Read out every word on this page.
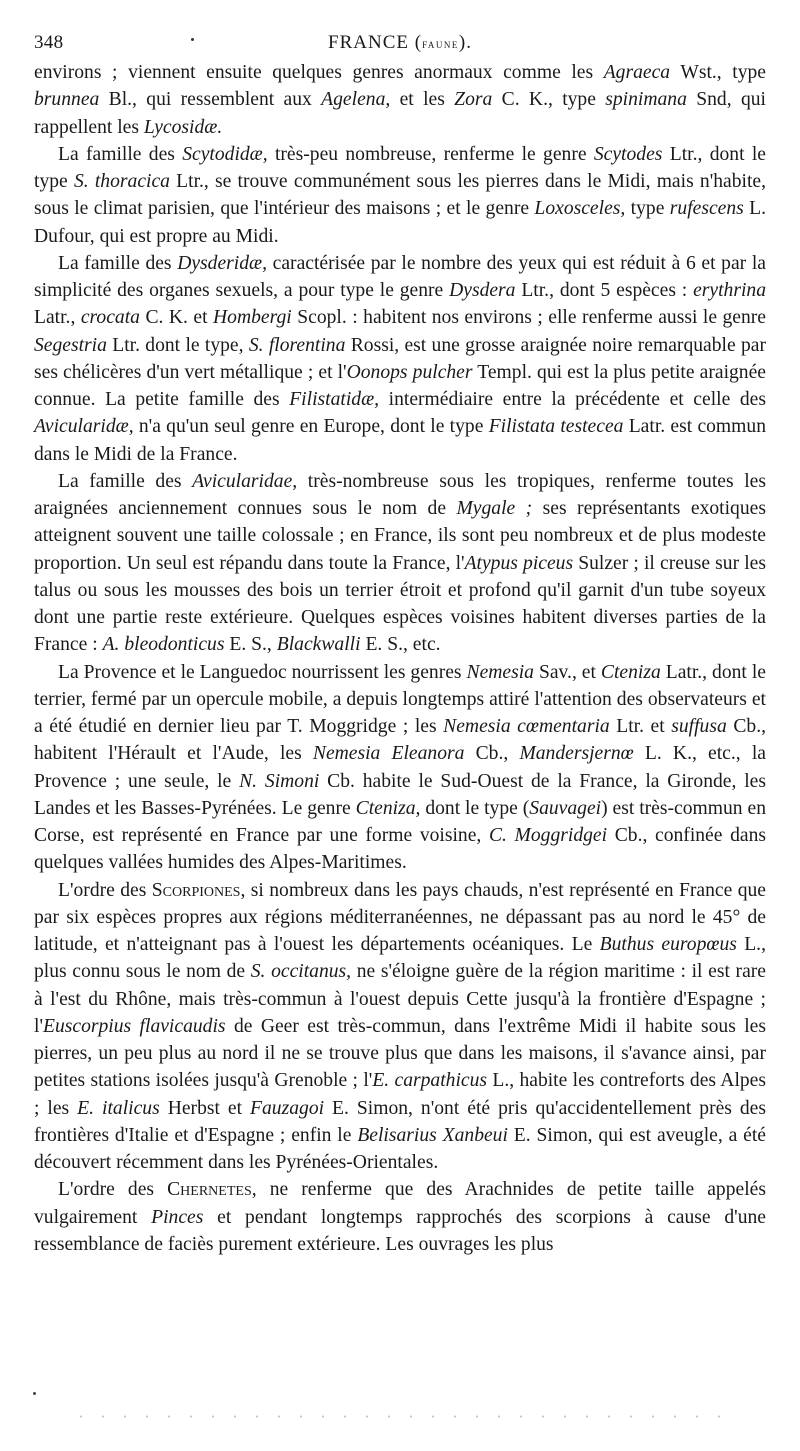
348	FRANCE (faune).

environs ; viennent ensuite quelques genres anormaux comme les Agraeca Wst., type brunnea Bl., qui ressemblent aux Agelena, et les Zora C. K., type spinimana Snd, qui rappellent les Lycosidæ.

La famille des Scytodidæ, très-peu nombreuse, renferme le genre Scytodes Ltr., dont le type S. thoracica Ltr., se trouve communément sous les pierres dans le Midi, mais n'habite, sous le climat parisien, que l'intérieur des maisons ; et le genre Loxosceles, type rufescens L. Dufour, qui est propre au Midi.

La famille des Dysderidæ, caractérisée par le nombre des yeux qui est réduit à 6 et par la simplicité des organes sexuels, a pour type le genre Dysdera Ltr., dont 5 espèces : erythrina Latr., crocata C. K. et Hombergi Scopl. : habitent nos environs ; elle renferme aussi le genre Segestria Ltr. dont le type, S. florentina Rossi, est une grosse araignée noire remarquable par ses chélicères d'un vert métallique ; et l'Oonops pulcher Templ. qui est la plus petite araignée connue. La petite famille des Filistatidæ, intermédiaire entre la précédente et celle des Avicularidæ, n'a qu'un seul genre en Europe, dont le type Filistata testecea Latr. est commun dans le Midi de la France.

La famille des Avicularidae, très-nombreuse sous les tropiques, renferme toutes les araignées anciennement connues sous le nom de Mygale ; ses représentants exotiques atteignent souvent une taille colossale ; en France, ils sont peu nombreux et de plus modeste proportion. Un seul est répandu dans toute la France, l'Atypus piceus Sulzer ; il creuse sur les talus ou sous les mousses des bois un terrier étroit et profond qu'il garnit d'un tube soyeux dont une partie reste extérieure. Quelques espèces voisines habitent diverses parties de la France : A. bleodonticus E. S., Blackwalli E. S., etc.

La Provence et le Languedoc nourrissent les genres Nemesia Sav., et Cteniza Latr., dont le terrier, fermé par un opercule mobile, a depuis longtemps attiré l'attention des observateurs et a été étudié en dernier lieu par T. Moggridge ; les Nemesia cœmentaria Ltr. et suffusa Cb., habitent l'Hérault et l'Aude, les Nemesia Eleanora Cb., Mandersjernœ L. K., etc., la Provence ; une seule, le N. Simoni Cb. habite le Sud-Ouest de la France, la Gironde, les Landes et les Basses-Pyrénées. Le genre Cteniza, dont le type (Sauvagei) est très-commun en Corse, est représenté en France par une forme voisine, C. Moggridgei Cb., confinée dans quelques vallées humides des Alpes-Maritimes.

L'ordre des Scorpiones, si nombreux dans les pays chauds, n'est représenté en France que par six espèces propres aux régions méditerranéennes, ne dépassant pas au nord le 45° de latitude, et n'atteignant pas à l'ouest les départements océaniques. Le Buthus europœus L., plus connu sous le nom de S. occitanus, ne s'éloigne guère de la région maritime : il est rare à l'est du Rhône, mais très-commun à l'ouest depuis Cette jusqu'à la frontière d'Espagne ; l'Euscorpius flavicaudis de Geer est très-commun, dans l'extrême Midi il habite sous les pierres, un peu plus au nord il ne se trouve plus que dans les maisons, il s'avance ainsi, par petites stations isolées jusqu'à Grenoble ; l'E. carpathicus L., habite les contreforts des Alpes ; les E. italicus Herbst et Fauzagoi E. Simon, n'ont été pris qu'accidentellement près des frontières d'Italie et d'Espagne ; enfin le Belisarius Xanbeui E. Simon, qui est aveugle, a été découvert récemment dans les Pyrénées-Orientales.

L'ordre des Chernetes, ne renferme que des Arachnides de petite taille appelés vulgairement Pinces et pendant longtemps rapprochés des scorpions à cause d'une ressemblance de faciès purement extérieure. Les ouvrages les plus
